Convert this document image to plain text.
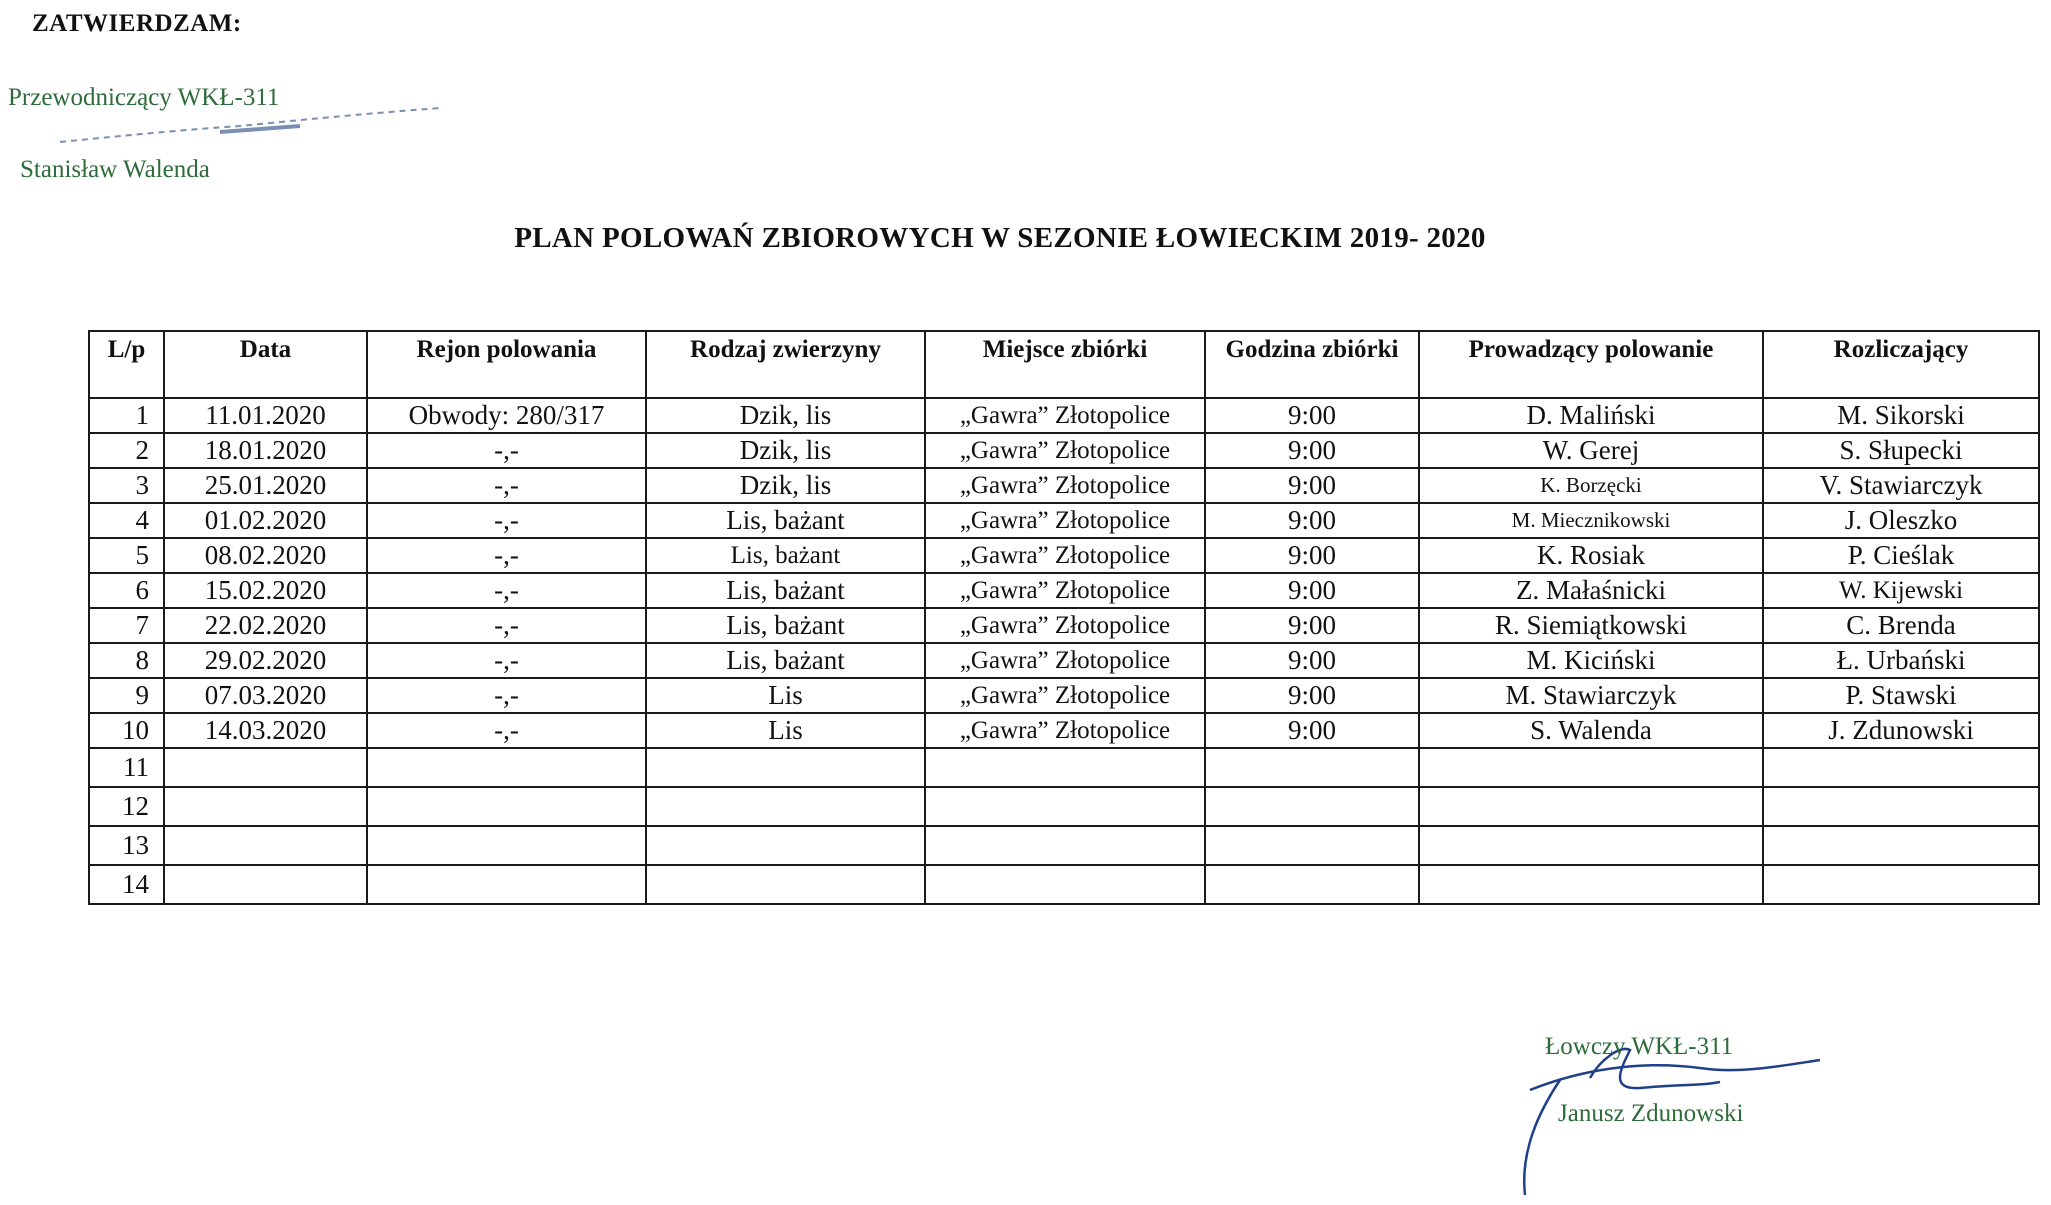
ZATWIERDZAM:
Przewodniczący WKŁ-311
Stanisław Walenda
PLAN POLOWAŃ ZBIOROWYCH W SEZONIE ŁOWIECKIM 2019- 2020
L/p	Data	Rejon polowania	Rodzaj zwierzyny	Miejsce zbiórki	Godzina zbiórki	Prowadzący polowanie	Rozliczający
1	11.01.2020	Obwody: 280/317	Dzik, lis	„Gawra” Złotopolice	9:00	D. Maliński	M. Sikorski
2	18.01.2020	-,-	Dzik, lis	„Gawra” Złotopolice	9:00	W. Gerej	S. Słupecki
3	25.01.2020	-,-	Dzik, lis	„Gawra” Złotopolice	9:00	K. Borzęcki	V. Stawiarczyk
4	01.02.2020	-,-	Lis, bażant	„Gawra” Złotopolice	9:00	M. Miecznikowski	J. Oleszko
5	08.02.2020	-,-	Lis, bażant	„Gawra” Złotopolice	9:00	K. Rosiak	P. Cieślak
6	15.02.2020	-,-	Lis, bażant	„Gawra” Złotopolice	9:00	Z. Małaśnicki	W. Kijewski
7	22.02.2020	-,-	Lis, bażant	„Gawra” Złotopolice	9:00	R. Siemiątkowski	C. Brenda
8	29.02.2020	-,-	Lis, bażant	„Gawra” Złotopolice	9:00	M. Kiciński	Ł. Urbański
9	07.03.2020	-,-	Lis	„Gawra” Złotopolice	9:00	M. Stawiarczyk	P. Stawski
10	14.03.2020	-,-	Lis	„Gawra” Złotopolice	9:00	S. Walenda	J. Zdunowski
11							
12							
13							
14							
Łowczy WKŁ-311
Janusz Zdunowski
